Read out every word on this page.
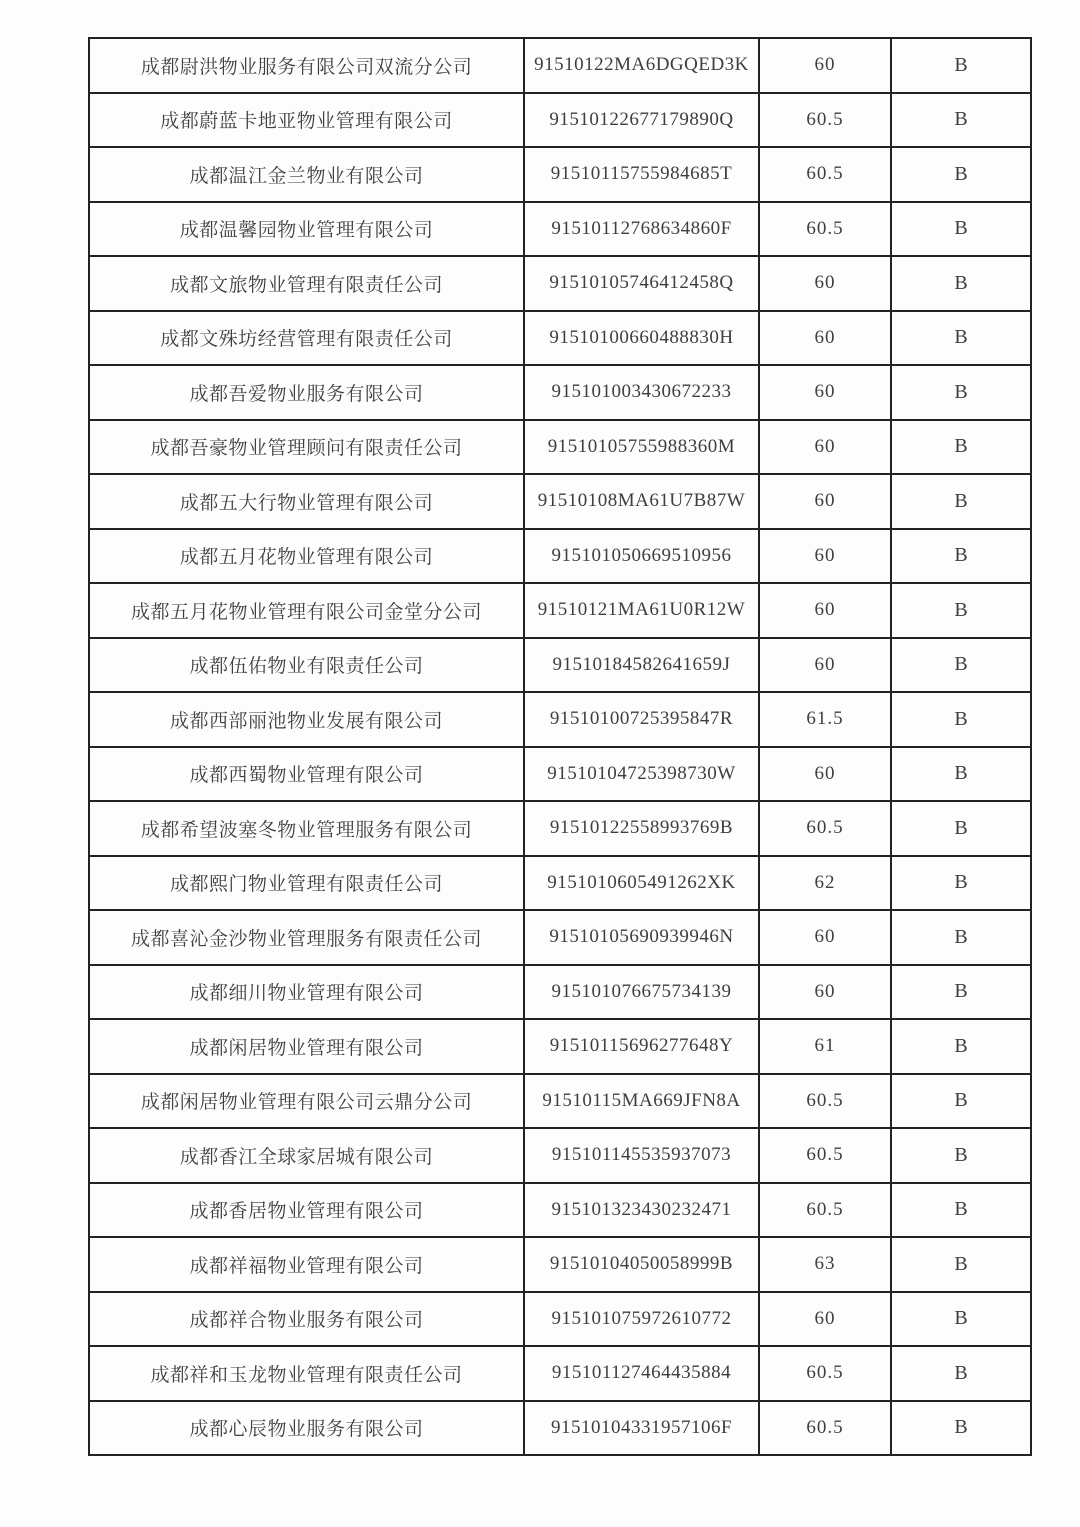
成都尉洪物业服务有限公司双流分公司	91510122MA6DGQED3K	60	B
成都蔚蓝卡地亚物业管理有限公司	91510122677179890Q	60.5	B
成都温江金兰物业有限公司	91510115755984685T	60.5	B
成都温馨园物业管理有限公司	91510112768634860F	60.5	B
成都文旅物业管理有限责任公司	91510105746412458Q	60	B
成都文殊坊经营管理有限责任公司	91510100660488830H	60	B
成都吾爱物业服务有限公司	915101003430672233	60	B
成都吾豪物业管理顾问有限责任公司	91510105755988360M	60	B
成都五大行物业管理有限公司	91510108MA61U7B87W	60	B
成都五月花物业管理有限公司	915101050669510956	60	B
成都五月花物业管理有限公司金堂分公司	91510121MA61U0R12W	60	B
成都伍佑物业有限责任公司	91510184582641659J	60	B
成都西部丽池物业发展有限公司	91510100725395847R	61.5	B
成都西蜀物业管理有限公司	91510104725398730W	60	B
成都希望波塞冬物业管理服务有限公司	91510122558993769B	60.5	B
成都熙门物业管理有限责任公司	9151010605491262XK	62	B
成都喜沁金沙物业管理服务有限责任公司	91510105690939946N	60	B
成都细川物业管理有限公司	915101076675734139	60	B
成都闲居物业管理有限公司	91510115696277648Y	61	B
成都闲居物业管理有限公司云鼎分公司	91510115MA669JFN8A	60.5	B
成都香江全球家居城有限公司	915101145535937073	60.5	B
成都香居物业管理有限公司	915101323430232471	60.5	B
成都祥福物业管理有限公司	91510104050058999B	63	B
成都祥合物业服务有限公司	915101075972610772	60	B
成都祥和玉龙物业管理有限责任公司	915101127464435884	60.5	B
成都心辰物业服务有限公司	91510104331957106F	60.5	B
